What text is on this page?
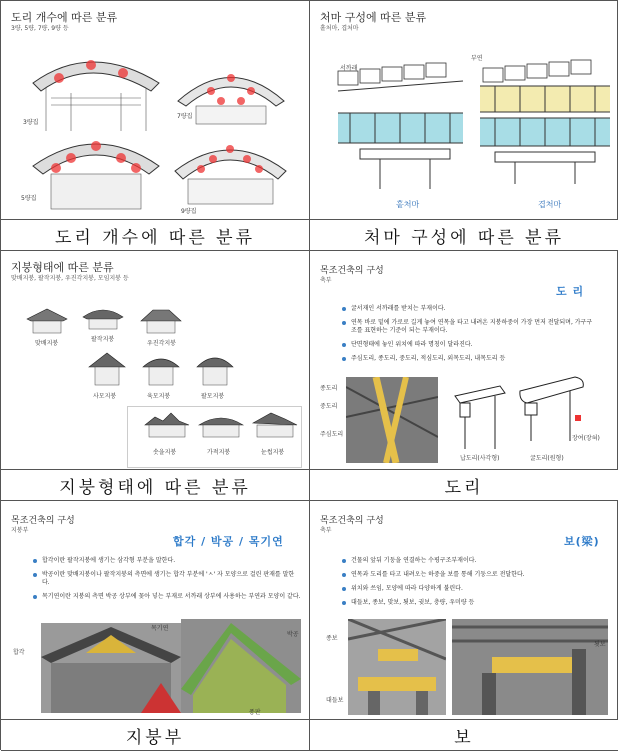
도리 개수에 따른 분류
3량, 5량, 7량, 9량 등
3량집
7량집
5량집
9량집
도리 개수에 따른 분류
처마 구성에 따른 분류
홑처마, 겹처마
서까래
홑처마
부연
겹처마
처마 구성에 따른 분류
지붕형태에 따른 분류
맞배지붕, 팔작지붕, 우진각지붕, 모임지붕 등
맞배지붕
팔작지붕
우진각지붕
사모지붕	육모지붕	팔모지붕
솟을지붕	가적지붕	눈썹지붕
지붕형태에 따른 분류
목조건축의 구성
축부
도 리
굴서재인 서까래를 받치는 부재이다.
연목 바로 밑에 가로로 길게 놓여 연목을 타고 내려온 지붕하중이 가장 먼저 전달되며, 가구구조를 표현하는 기준이 되는 부재이다.
단면형태에 놓인 위치에 따라 명칭이 달라진다.
주심도리, 종도리, 중도리, 적심도리, 외목도리, 내목도리 등
종도리
중도리
주심도리
납도리(사각형)	굴도리(원형)
장여(장혀)
도리
목조건축의 구성
지붕부
합각 / 박공 / 목기연
합각이란 팔작지붕에 생기는 삼각형 부분을 말한다.
박공이란 맞배지붕이나 팔작지붕의 측면에 생기는 합각 부분에 'ㅅ' 자 모양으로 걸린 판재를 말한다.
목기연이란 지붕의 측면 박공 상부에 꽂아 넣는 부재로 서까래 상부에 사용하는 부연과 모양이 같다.
합각
목기연
박공
풍판
지붕부
목조건축의 구성
축부
보(梁)
건물의 앞뒤 기둥을 연결하는 수평구조부재이다.
연목과 도리를 타고 내려오는 하중을 보를 통해 기둥으로 전달한다.
위치와 쓰임, 모양에 따라 다양하게 불린다.
대들보, 종보, 맞보, 툇보, 귓보, 충량, 우미량 등
종보
대들보
툇보
보
